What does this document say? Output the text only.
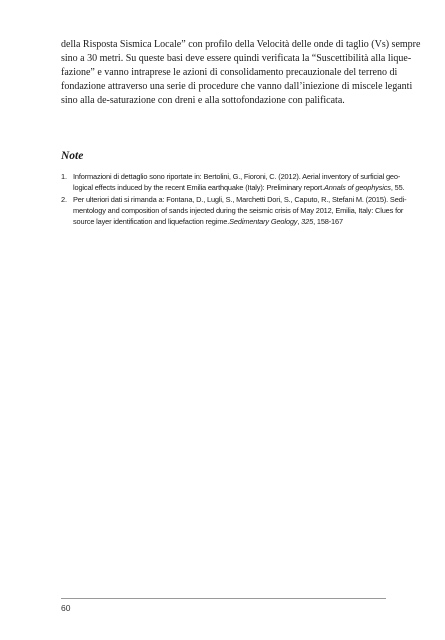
della Risposta Sismica Locale” con profilo della Velocità delle onde di taglio (Vs) sempre
sino a 30 metri. Su queste basi deve essere quindi verificata la “Suscettibilità alla lique-
fazione” e vanno intraprese le azioni di consolidamento precauzionale del terreno di
fondazione attraverso una serie di procedure che vanno dall’iniezione di miscele leganti
sino alla de-saturazione con dreni e alla sottofondazione con palificata.

Note
1. Informazioni di dettaglio sono riportate in: Bertolini, G., Fioroni, C. (2012). Aerial inventory of surficial geo-
logical effects induced by the recent Emilia earthquake (Italy): Preliminary report.Annals of geophysics, 55.
2. Per ulteriori dati si rimanda a: Fontana, D., Lugli, S., Marchetti Dori, S., Caputo, R., Stefani M. (2015). Sedi-
mentology and composition of sands injected during the seismic crisis of May 2012, Emilia, Italy: Clues for
source layer identification and liquefaction regime.Sedimentary Geology, 325, 158-167
60
